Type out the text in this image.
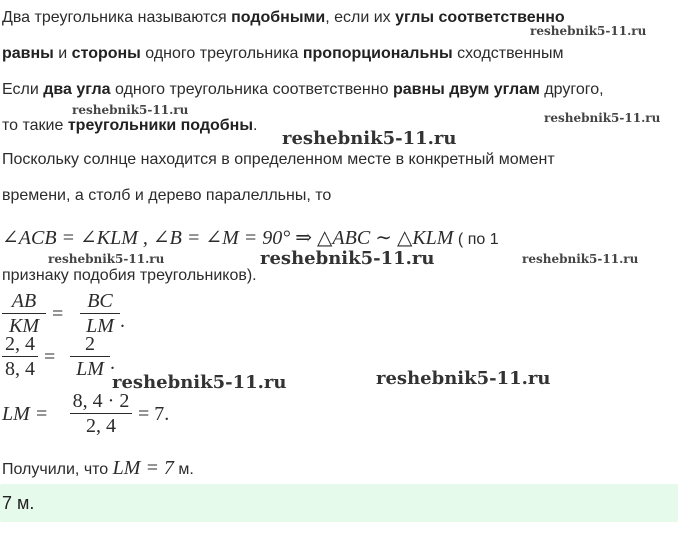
Два треугольника называются подобными, если их углы соответственно
равны и стороны одного треугольника пропорциональны сходственным
Если два угла одного треугольника соответственно равны двум углам другого,
то такие треугольники подобны.
Поскольку солнце находится в определенном месте в конкретный момент
времени, а столб и дерево паралелльны, то
∠ACB = ∠KLM , ∠B = ∠M = 90° ⇒ △ABC ∼ △KLM ( по 1
признаку подобия треугольников).
AB
KM
=
BC
LM .
2, 4
8, 4
=
2
LM .
LM =
8, 4 · 2
2, 4
= 7.
Получили, что LM = 7 м.
7 м.
reshebnik5-11.ru
reshebnik5-11.ru
reshebnik5-11.ru
reshebnik5-11.ru
reshebnik5-11.ru	reshebnik5-11.ru	reshebnik5-11.ru
reshebnik5-11.ru	reshebnik5-11.ru
